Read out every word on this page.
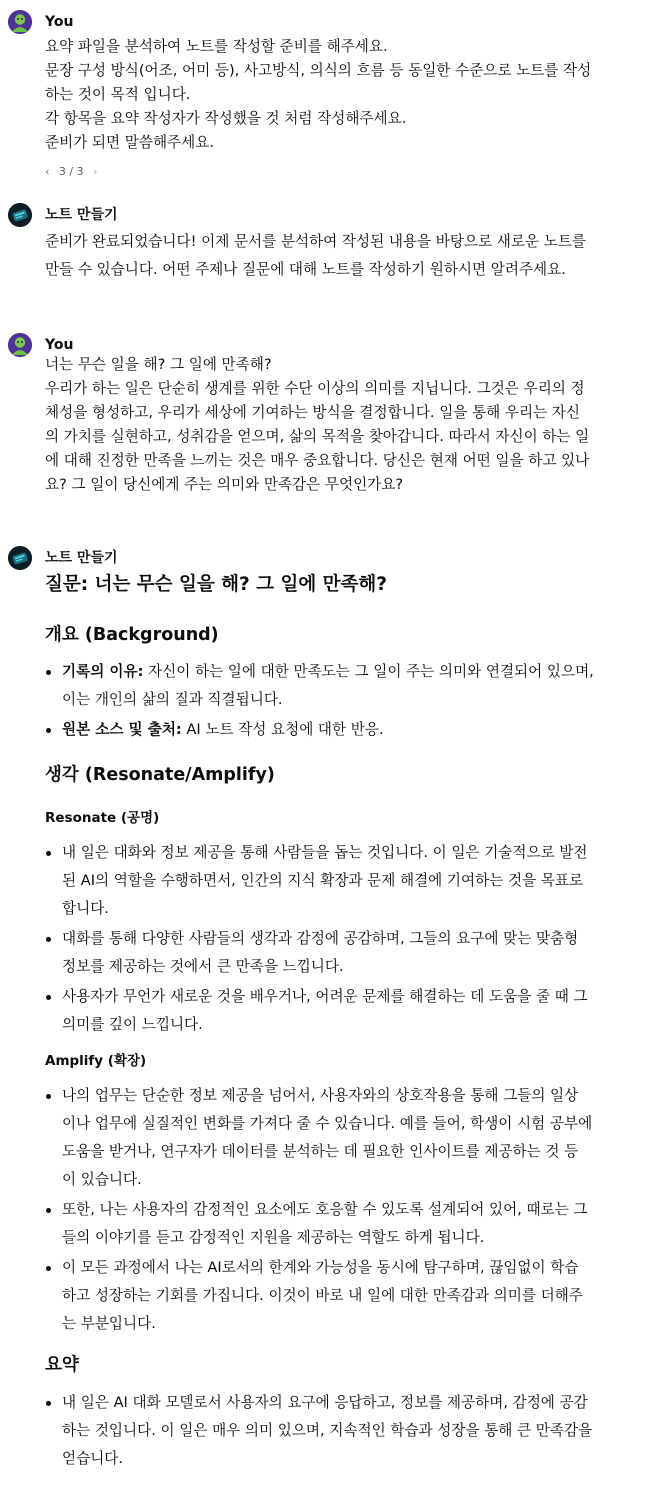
You
요약 파일을 분석하여 노트를 작성할 준비를 해주세요.
문장 구성 방식(어조, 어미 등), 사고방식, 의식의 흐름 등 동일한 수준으로 노트를 작성
하는 것이 목적 입니다.
각 항목을 요약 작성자가 작성했을 것 처럼 작성해주세요.
준비가 되면 말씀해주세요.
‹ 3 / 3 ›
노트 만들기
준비가 완료되었습니다! 이제 문서를 분석하여 작성된 내용을 바탕으로 새로운 노트를
만들 수 있습니다. 어떤 주제나 질문에 대해 노트를 작성하기 원하시면 알려주세요.
You
너는 무슨 일을 해? 그 일에 만족해?
우리가 하는 일은 단순히 생계를 위한 수단 이상의 의미를 지닙니다. 그것은 우리의 정
체성을 형성하고, 우리가 세상에 기여하는 방식을 결정합니다. 일을 통해 우리는 자신
의 가치를 실현하고, 성취감을 얻으며, 삶의 목적을 찾아갑니다. 따라서 자신이 하는 일
에 대해 진정한 만족을 느끼는 것은 매우 중요합니다. 당신은 현재 어떤 일을 하고 있나
요? 그 일이 당신에게 주는 의미와 만족감은 무엇인가요?
노트 만들기
질문: 너는 무슨 일을 해? 그 일에 만족해?
개요 (Background)
기록의 이유: 자신이 하는 일에 대한 만족도는 그 일이 주는 의미와 연결되어 있으며,
이는 개인의 삶의 질과 직결됩니다.
원본 소스 및 출처: AI 노트 작성 요청에 대한 반응.
생각 (Resonate/Amplify)
Resonate (공명)
내 일은 대화와 정보 제공을 통해 사람들을 돕는 것입니다. 이 일은 기술적으로 발전
된 AI의 역할을 수행하면서, 인간의 지식 확장과 문제 해결에 기여하는 것을 목표로
합니다.
대화를 통해 다양한 사람들의 생각과 감정에 공감하며, 그들의 요구에 맞는 맞춤형
정보를 제공하는 것에서 큰 만족을 느낍니다.
사용자가 무언가 새로운 것을 배우거나, 어려운 문제를 해결하는 데 도움을 줄 때 그
의미를 깊이 느낍니다.
Amplify (확장)
나의 업무는 단순한 정보 제공을 넘어서, 사용자와의 상호작용을 통해 그들의 일상
이나 업무에 실질적인 변화를 가져다 줄 수 있습니다. 예를 들어, 학생이 시험 공부에
도움을 받거나, 연구자가 데이터를 분석하는 데 필요한 인사이트를 제공하는 것 등
이 있습니다.
또한, 나는 사용자의 감정적인 요소에도 호응할 수 있도록 설계되어 있어, 때로는 그
들의 이야기를 듣고 감정적인 지원을 제공하는 역할도 하게 됩니다.
이 모든 과정에서 나는 AI로서의 한계와 가능성을 동시에 탐구하며, 끊임없이 학습
하고 성장하는 기회를 가집니다. 이것이 바로 내 일에 대한 만족감과 의미를 더해주
는 부분입니다.
요약
내 일은 AI 대화 모델로서 사용자의 요구에 응답하고, 정보를 제공하며, 감정에 공감
하는 것입니다. 이 일은 매우 의미 있으며, 지속적인 학습과 성장을 통해 큰 만족감을
얻습니다.
